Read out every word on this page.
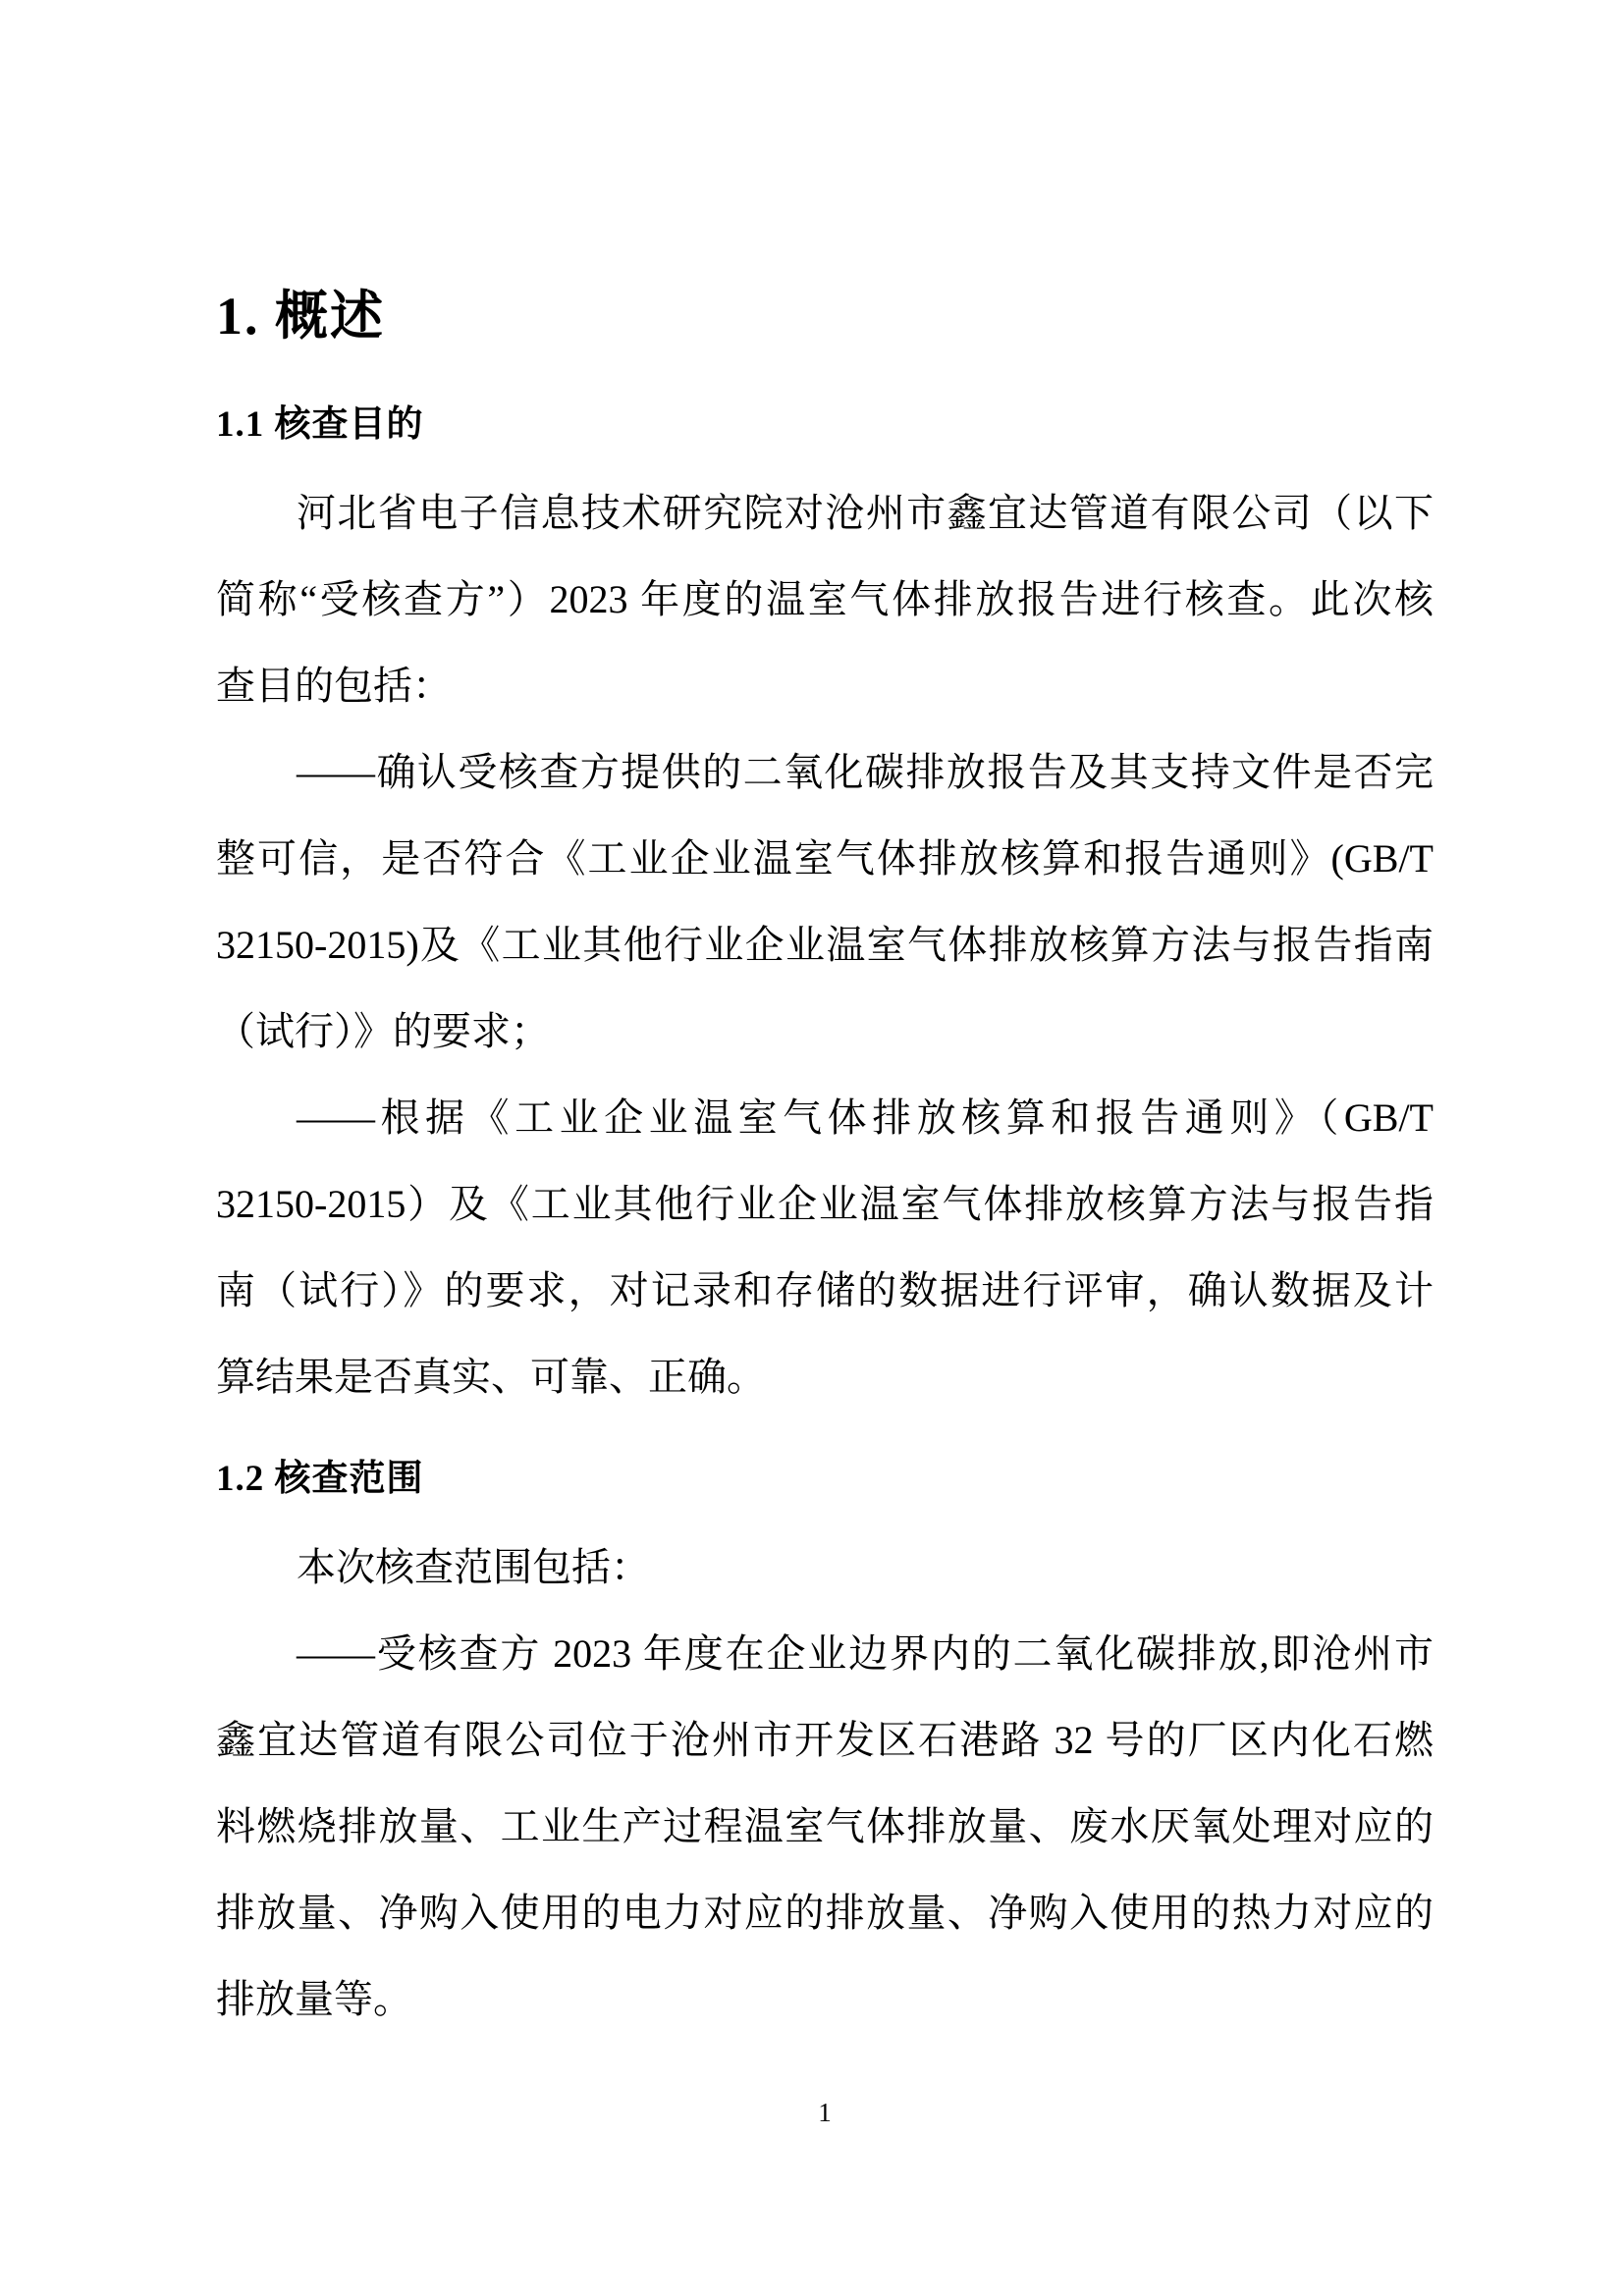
1. 概述
1.1 核查目的
河北省电子信息技术研究院对沧州市鑫宜达管道有限公司（以下
简称“受核查方”）2023 年度的温室气体排放报告进行核查。此次核
查目的包括：
——确认受核查方提供的二氧化碳排放报告及其支持文件是否完
整可信，是否符合《工业企业温室气体排放核算和报告通则》(GB/T
32150-2015)及《工业其他行业企业温室气体排放核算方法与报告指南
（试行）》的要求；
——根据《工业企业温室气体排放核算和报告通则》（GB/T
32150-2015）及《工业其他行业企业温室气体排放核算方法与报告指
南（试行）》的要求，对记录和存储的数据进行评审，确认数据及计
算结果是否真实、可靠、正确。
1.2 核查范围
本次核查范围包括：
——受核查方 2023 年度在企业边界内的二氧化碳排放,即沧州市
鑫宜达管道有限公司位于沧州市开发区石港路 32 号的厂区内化石燃
料燃烧排放量、工业生产过程温室气体排放量、废水厌氧处理对应的
排放量、净购入使用的电力对应的排放量、净购入使用的热力对应的
排放量等。
1
